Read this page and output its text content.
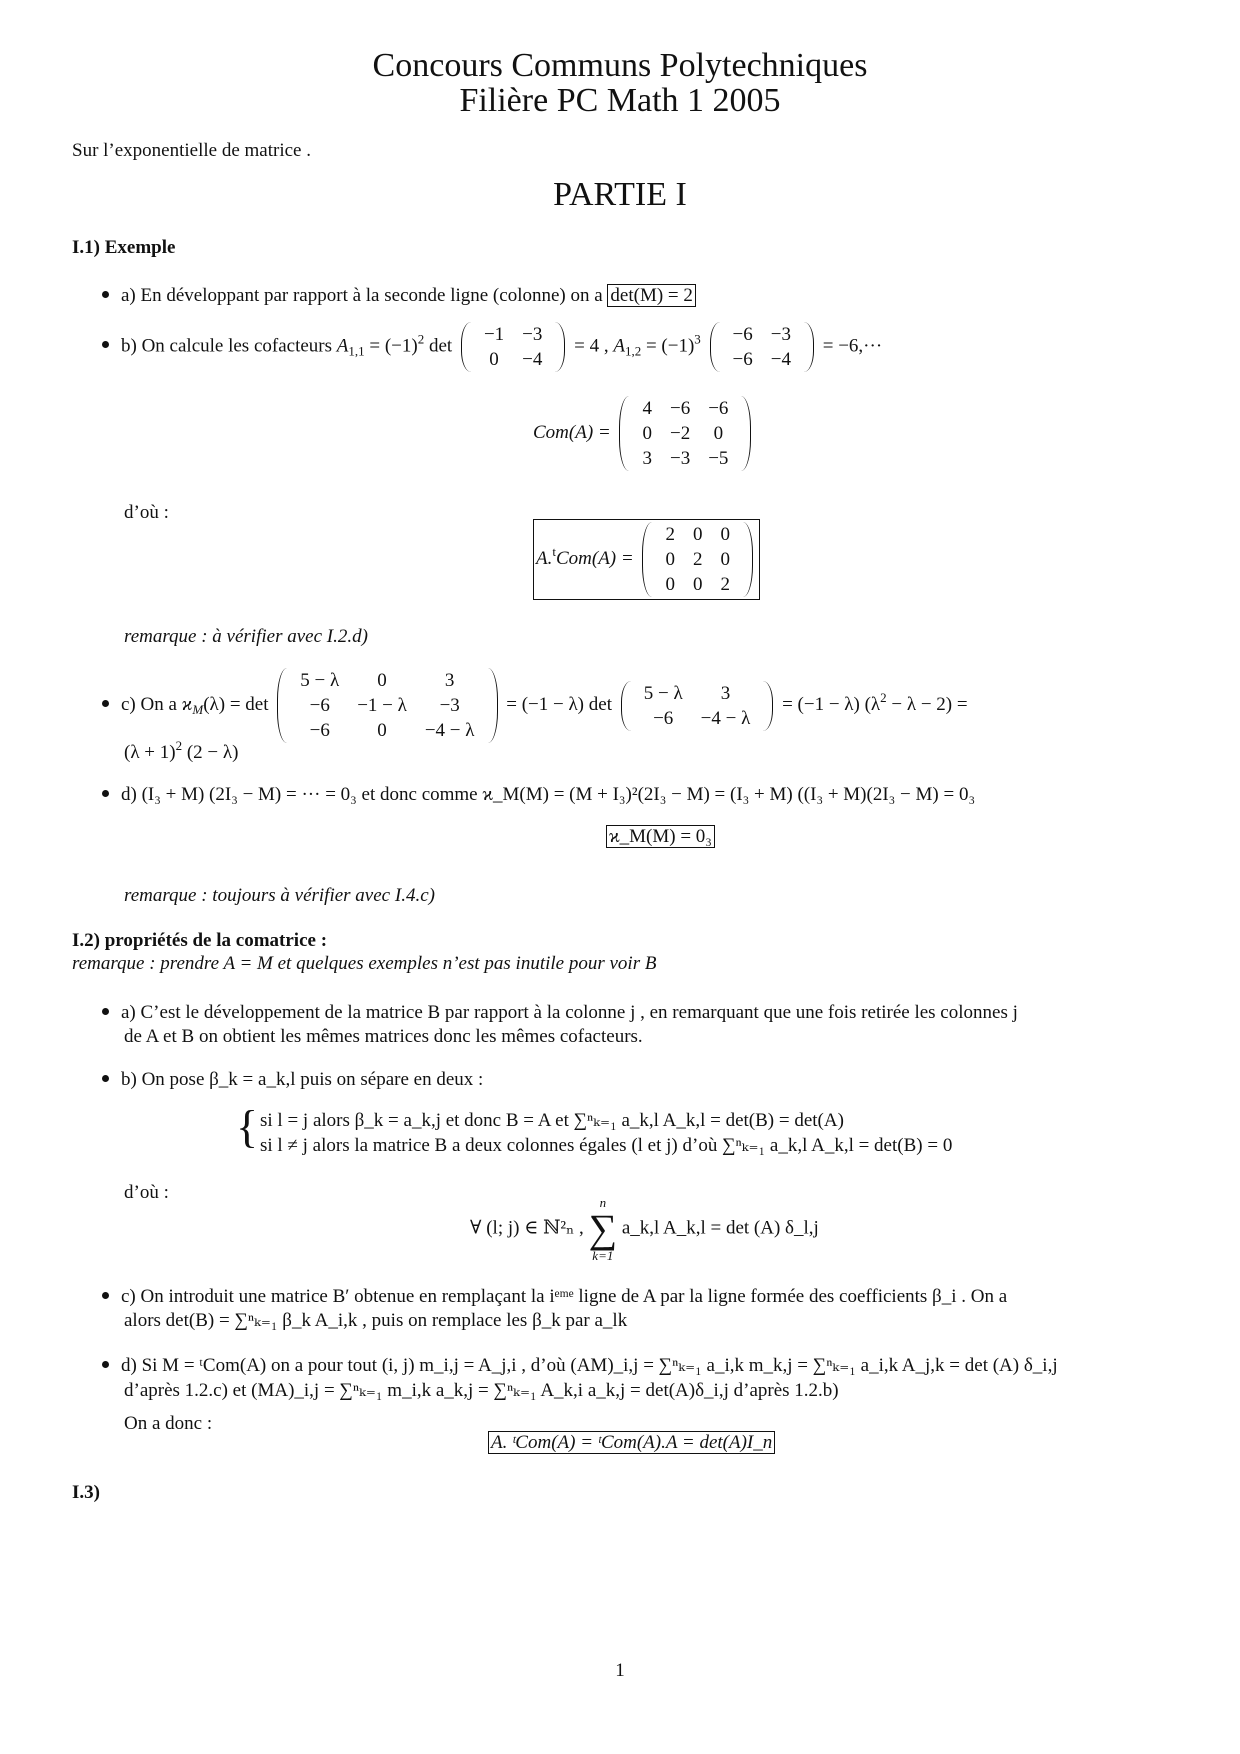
Concours Communs Polytechniques
Filière PC Math 1 2005
Sur l’exponentielle de matrice .
PARTIE I
I.1) Exemple
a) En développant par rapport à la seconde ligne (colonne) on a det(M) = 2
b) On calcule les cofacteurs $A_{1,1} = (-1)^2$ det
−1	−3
0	−4
= 4 , $A_{1,2} = (-1)^3 -6$	−3
−6	−4
= −6,···
Com(A) =
4	−6	−6
0	−2	0
3	−3	−5
d’où :
A.$^t$Com(A) =
2	0	0
0	2	0
0	0	2
remarque : à vérifier avec I.2.d)
c) On a $ϰ_M(\lambda) = \det$
5 − λ	0	3
−6	−1 − λ	−3
−6	0	−4 − λ
= (−1 − λ) det
5 − λ	3
−6	−4 − λ
= (−1 − λ) $(\lambda^2 - \lambda - 2)$ =
$(\lambda + 1)^2$ (2 − λ)
d) (I₃ + M) (2I₃ − M) = ··· = 0₃ et donc comme ϰ_M(M) = (M + I₃)²(2I₃ − M) = (I₃ + M) ((I₃ + M)(2I₃ − M) = 0₃
ϰ_M(M) = 0₃
remarque : toujours à vérifier avec I.4.c)
I.2) propriétés de la comatrice :
remarque : prendre A = M et quelques exemples n’est pas inutile pour voir B
a) C’est le développement de la matrice B par rapport à la colonne j , en remarquant que une fois retirée les colonnes j
de A et B on obtient les mêmes matrices donc les mêmes cofacteurs.
b) On pose β_k = a_k,l puis on sépare en deux :
{ si l = j alors β_k = a_k,j et donc B = A et ∑ⁿₖ₌₁ a_k,l A_k,l = det(B) = det(A)
si l ≠ j alors la matrice B a deux colonnes égales (l et j) d’où ∑ⁿₖ₌₁ a_k,l A_k,l = det(B) = 0
d’où :
∀ (l; j) ∈ ℕ²ₙ ,
n
∑
k=1
a_k,l A_k,l = det (A) δ_l,j
c) On introduit une matrice B′ obtenue en remplaçant la iᵉᵐᵉ ligne de A par la ligne formée des coefficients β_i . On a
alors det(B) = ∑ⁿₖ₌₁ β_k A_i,k , puis on remplace les β_k par a_lk
d) Si M = ᵗCom(A) on a pour tout (i, j) m_i,j = A_j,i , d’où (AM)_i,j = ∑ⁿₖ₌₁ a_i,k m_k,j = ∑ⁿₖ₌₁ a_i,k A_j,k = det (A) δ_i,j
d’après 1.2.c) et (MA)_i,j = ∑ⁿₖ₌₁ m_i,k a_k,j = ∑ⁿₖ₌₁ A_k,i a_k,j = det(A)δ_i,j d’après 1.2.b)
On a donc :
A. ᵗCom(A) = ᵗCom(A).A = det(A)I_n
I.3)
1
